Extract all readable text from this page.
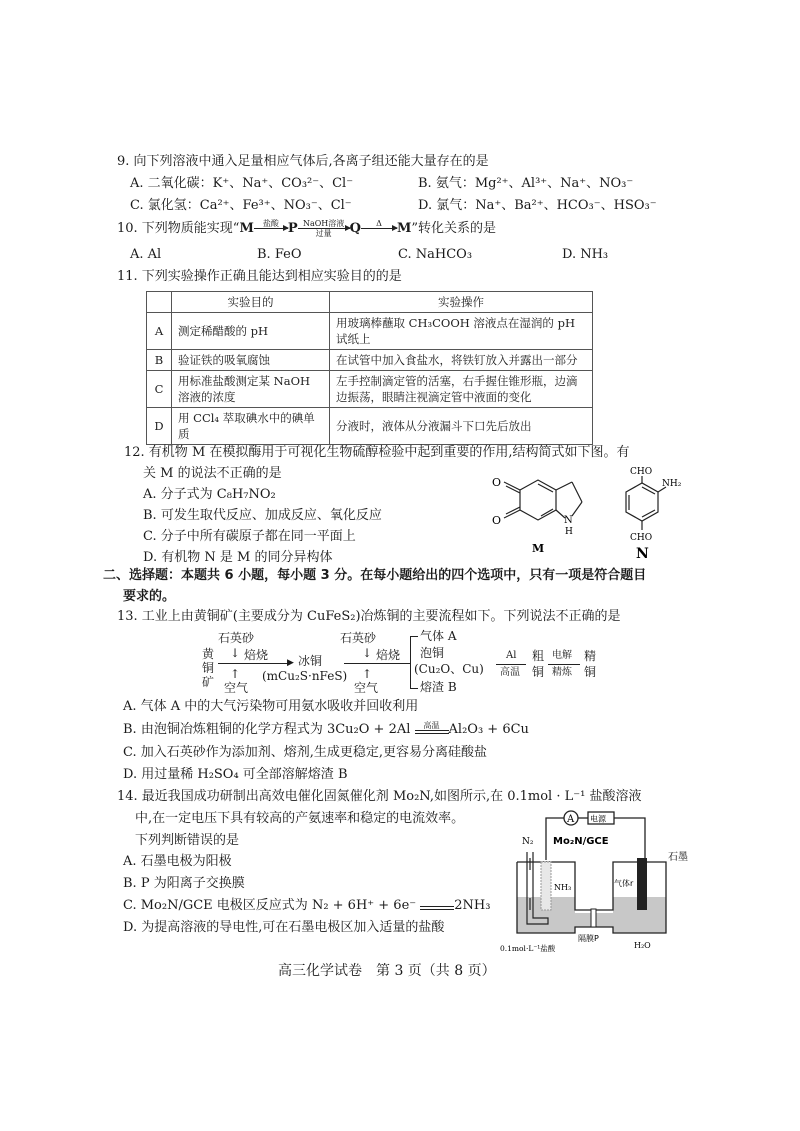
9. 向下列溶液中通入足量相应气体后,各离子组还能大量存在的是
A. 二氧化碳：K⁺、Na⁺、CO₃²⁻、Cl⁻	B. 氨气：Mg²⁺、Al³⁺、Na⁺、NO₃⁻
C. 氯化氢：Ca²⁺、Fe³⁺、NO₃⁻、Cl⁻	D. 氯气：Na⁺、Ba²⁺、HCO₃⁻、HSO₃⁻
10. 下列物质能实现“M	盐酸
P NaOH溶液
过量	Q	Δ
	M”转化关系的是
A. Al	B. FeO	C. NaHCO₃	D. NH₃
11. 下列实验操作正确且能达到相应实验目的的是
	实验目的	实验操作
A	测定稀醋酸的 pH	用玻璃棒蘸取 CH₃COOH 溶液点在湿润的 pH 试纸上
B	验证铁的吸氧腐蚀	在试管中加入食盐水，将铁钉放入并露出一部分
C	用标准盐酸测定某 NaOH 溶液的浓度	左手控制滴定管的活塞，右手握住锥形瓶，边滴边振荡，眼睛注视滴定管中液面的变化
D	用 CCl₄ 萃取碘水中的碘单质	分液时，液体从分液漏斗下口先后放出
12. 有机物 M 在模拟酶用于可视化生物硫醇检验中起到重要的作用,结构简式如下图。有
关 M 的说法不正确的是
A. 分子式为 C₈H₇NO₂
B. 可发生取代反应、加成反应、氧化反应
C. 分子中所有碳原子都在同一平面上
D. 有机物 N 是 M 的同分异构体
O
O	N
H
M
CHO
NH₂
CHO
N
二、选择题：本题共 6 小题，每小题 3 分。在每小题给出的四个选项中，只有一项是符合题目
要求的。
13. 工业上由黄铜矿(主要成分为 CuFeS₂)冶炼铜的主要流程如下。下列说法不正确的是
黄
铜
矿
石英砂
↓ 焙烧
▶
↑
空气
冰铜
(mCu₂S·nFeS)
石英砂
↓ 焙烧
↑
空气
气体 A
泡铜
(Cu₂O、Cu)
熔渣 B
Al
高温
粗
铜
电解
精炼
精
铜
A. 气体 A 中的大气污染物可用氨水吸收并回收利用
B. 由泡铜冶炼粗铜的化学方程式为 3Cu₂O + 2Al	高温 Al₂O₃ + 6Cu
C. 加入石英砂作为添加剂、熔剂,生成更稳定,更容易分离硅酸盐
D. 用过量稀 H₂SO₄ 可全部溶解熔渣 B
14. 最近我国成功研制出高效电催化固氮催化剂 Mo₂N,如图所示,在 0.1mol · L⁻¹ 盐酸溶液
中,在一定电压下具有较高的产氨速率和稳定的电流效率。
下列判断错误的是
A. 石墨电极为阳极
B. P 为阳离子交换膜
C. Mo₂N/GCE 电极区反应式为 N₂ + 6H⁺ + 6e⁻
	2NH₃
D. 为提高溶液的导电性,可在石墨电极区加入适量的盐酸
A 电源
N₂ Mo₂N/GCE
NH₃
石墨
气体r
隔膜P
0.1mol·L⁻¹盐酸	H₂O
高三化学试卷　第 3 页（共 8 页）
